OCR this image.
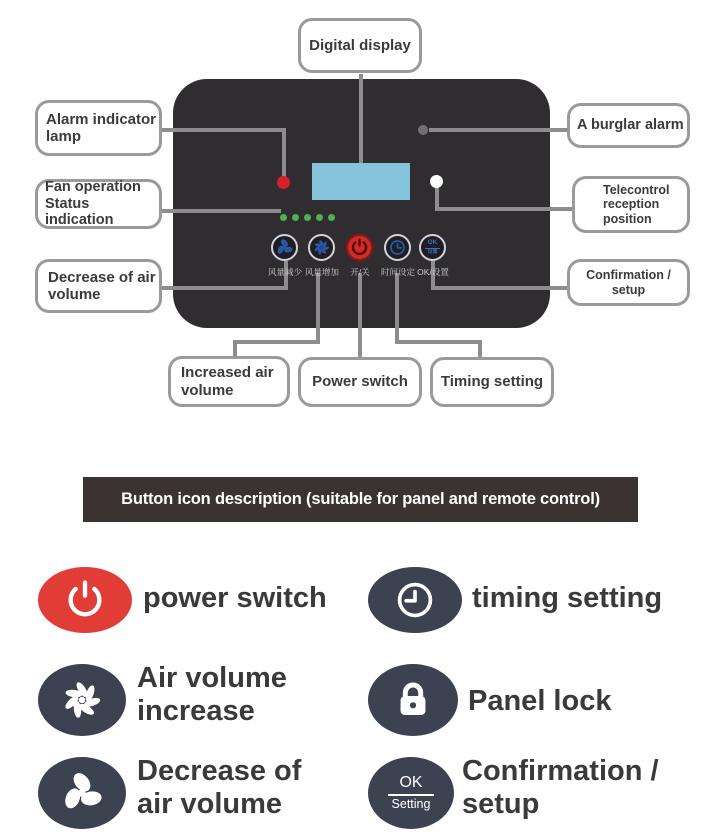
OK
设置
风量减少 风量增加	开/关	时间设定 OK/设置
Digital display
Alarm indicator lamp
Fan operation Status indication
Decrease of air volume
A burglar alarm
Telecontrol reception position
Confirmation / setup
Increased air volume	Power switch Timing setting
Button icon description (suitable for panel and remote control)
power switch	timing setting
Air volume increase	Panel lock
Decrease of air volume
OK
Setting
Confirmation / setup
